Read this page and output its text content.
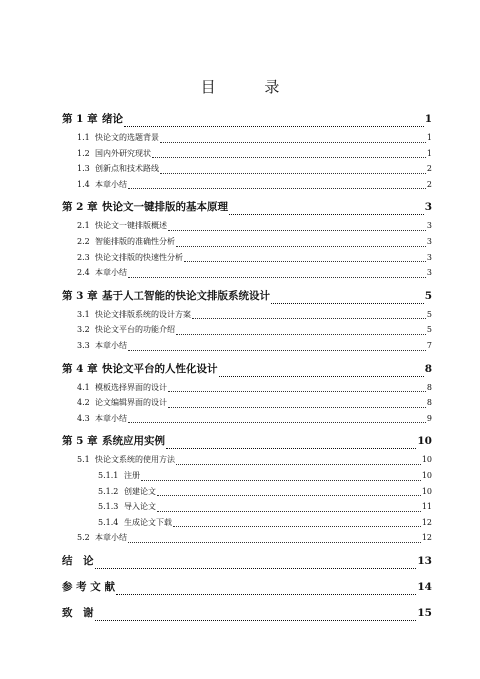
目 录
第 1 章 绪论	1
1.1 快论文的选题背景	1
1.2 国内外研究现状	1
1.3 创新点和技术路线	2
1.4 本章小结	2
第 2 章 快论文一键排版的基本原理	3
2.1 快论文一键排版概述	3
2.2 智能排版的准确性分析	3
2.3 快论文排版的快速性分析	3
2.4 本章小结	3
第 3 章 基于人工智能的快论文排版系统设计	5
3.1 快论文排版系统的设计方案	5
3.2 快论文平台的功能介绍	5
3.3 本章小结	7
第 4 章 快论文平台的人性化设计	8
4.1 模板选择界面的设计	8
4.2 论文编辑界面的设计	8
4.3 本章小结	9
第 5 章 系统应用实例	10
5.1 快论文系统的使用方法	10
5.1.1 注册	10
5.1.2 创建论文	10
5.1.3 导入论文	11
5.1.4 生成论文下载	12
5.2 本章小结	12
结　论	13
参 考 文 献	14
致　谢	15
